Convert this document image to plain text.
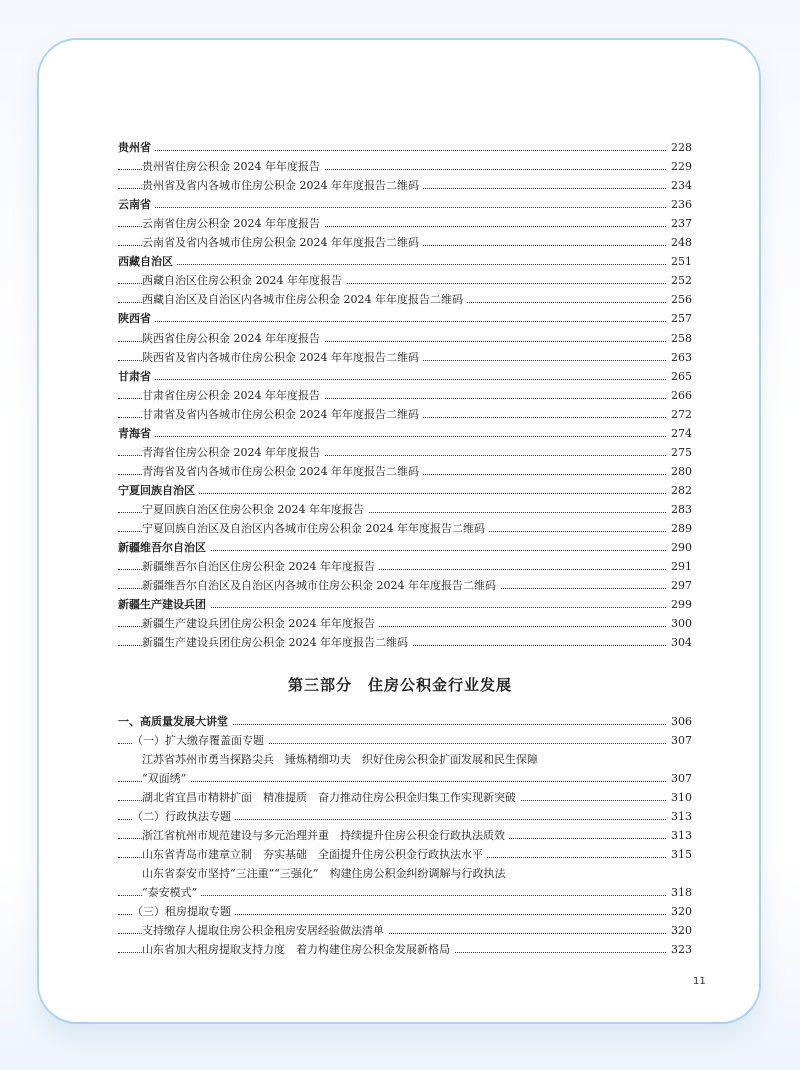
贵州省	228
贵州省住房公积金 2024 年年度报告	229
贵州省及省内各城市住房公积金 2024 年年度报告二维码	234
云南省	236
云南省住房公积金 2024 年年度报告	237
云南省及省内各城市住房公积金 2024 年年度报告二维码	248
西藏自治区	251
西藏自治区住房公积金 2024 年年度报告	252
西藏自治区及自治区内各城市住房公积金 2024 年年度报告二维码	256
陕西省	257
陕西省住房公积金 2024 年年度报告	258
陕西省及省内各城市住房公积金 2024 年年度报告二维码	263
甘肃省	265
甘肃省住房公积金 2024 年年度报告	266
甘肃省及省内各城市住房公积金 2024 年年度报告二维码	272
青海省	274
青海省住房公积金 2024 年年度报告	275
青海省及省内各城市住房公积金 2024 年年度报告二维码	280
宁夏回族自治区	282
宁夏回族自治区住房公积金 2024 年年度报告	283
宁夏回族自治区及自治区内各城市住房公积金 2024 年年度报告二维码	289
新疆维吾尔自治区	290
新疆维吾尔自治区住房公积金 2024 年年度报告	291
新疆维吾尔自治区及自治区内各城市住房公积金 2024 年年度报告二维码	297
新疆生产建设兵团	299
新疆生产建设兵团住房公积金 2024 年年度报告	300
新疆生产建设兵团住房公积金 2024 年年度报告二维码	304
第三部分　住房公积金行业发展
一、高质量发展大讲堂	306
（一）扩大缴存覆盖面专题	307
江苏省苏州市勇当探路尖兵　锤炼精细功夫　织好住房公积金扩面发展和民生保障
“双面绣”	307
湖北省宜昌市精耕扩面　精准提质　奋力推动住房公积金归集工作实现新突破	310
（二）行政执法专题	313
浙江省杭州市规范建设与多元治理并重　持续提升住房公积金行政执法质效	313
山东省青岛市建章立制　夯实基础　全面提升住房公积金行政执法水平	315
山东省泰安市坚持“三注重”“三强化”　构建住房公积金纠纷调解与行政执法
“泰安模式”	318
（三）租房提取专题	320
支持缴存人提取住房公积金租房安居经验做法清单	320
山东省加大租房提取支持力度　着力构建住房公积金发展新格局	323
11
